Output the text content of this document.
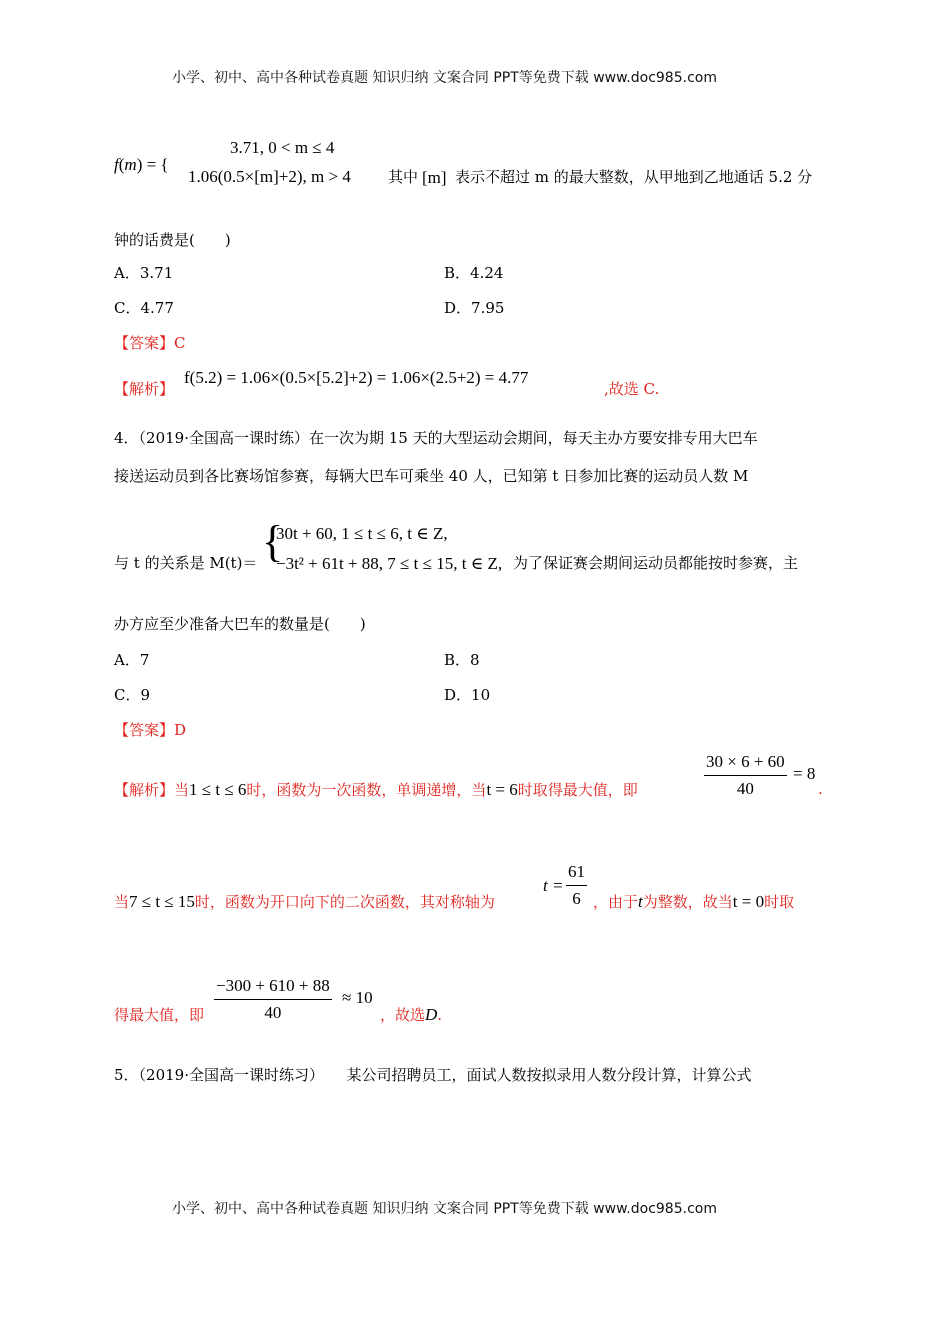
小学、初中、高中各种试卷真题 知识归纳 文案合同 PPT等免费下载 www.doc985.com
f(m) = {
3.71, 0 < m ≤ 4
1.06(0.5×[m]+2), m > 4 其中 [m] 表示不超过 m 的最大整数，从甲地到乙地通话 5.2 分
钟的话费是(　　)
A．3.71	B．4.24
C．4.77	D．7.95
【答案】C
【解析】
f(5.2) = 1.06×(0.5×[5.2]+2) = 1.06×(2.5+2) = 4.77
,故选 C.
4．（2019·全国高一课时练）在一次为期 15 天的大型运动会期间，每天主办方要安排专用大巴车
接送运动员到各比赛场馆参赛，每辆大巴车可乘坐 40 人，已知第 t 日参加比赛的运动员人数 M
与 t 的关系是 M(t)＝ {
30t + 60, 1 ≤ t ≤ 6, t ∈ Z,
−3t² + 61t + 88, 7 ≤ t ≤ 15, t ∈ Z, 为了保证赛会期间运动员都能按时参赛，主
办方应至少准备大巴车的数量是(　　)
A．7	B．8
C．9	D．10
【答案】D
【解析】当1 ≤ t ≤ 6时，函数为一次函数，单调递增，当t = 6时取得最大值，即	$\frac{30 \times 6 + 60}{40} = 8$
.
当7 ≤ t ≤ 15时，函数为开口向下的二次函数，其对称轴为
$t = \frac{61}{6}$ ，由于t为整数，故当t = 0时取
得最大值，即 $\frac{-300 + 610 + 88}{40} \approx 10$
，故选D.
5．（2019·全国高一课时练习）　　某公司招聘员工，面试人数按拟录用人数分段计算，计算公式
小学、初中、高中各种试卷真题 知识归纳 文案合同 PPT等免费下载 www.doc985.com
